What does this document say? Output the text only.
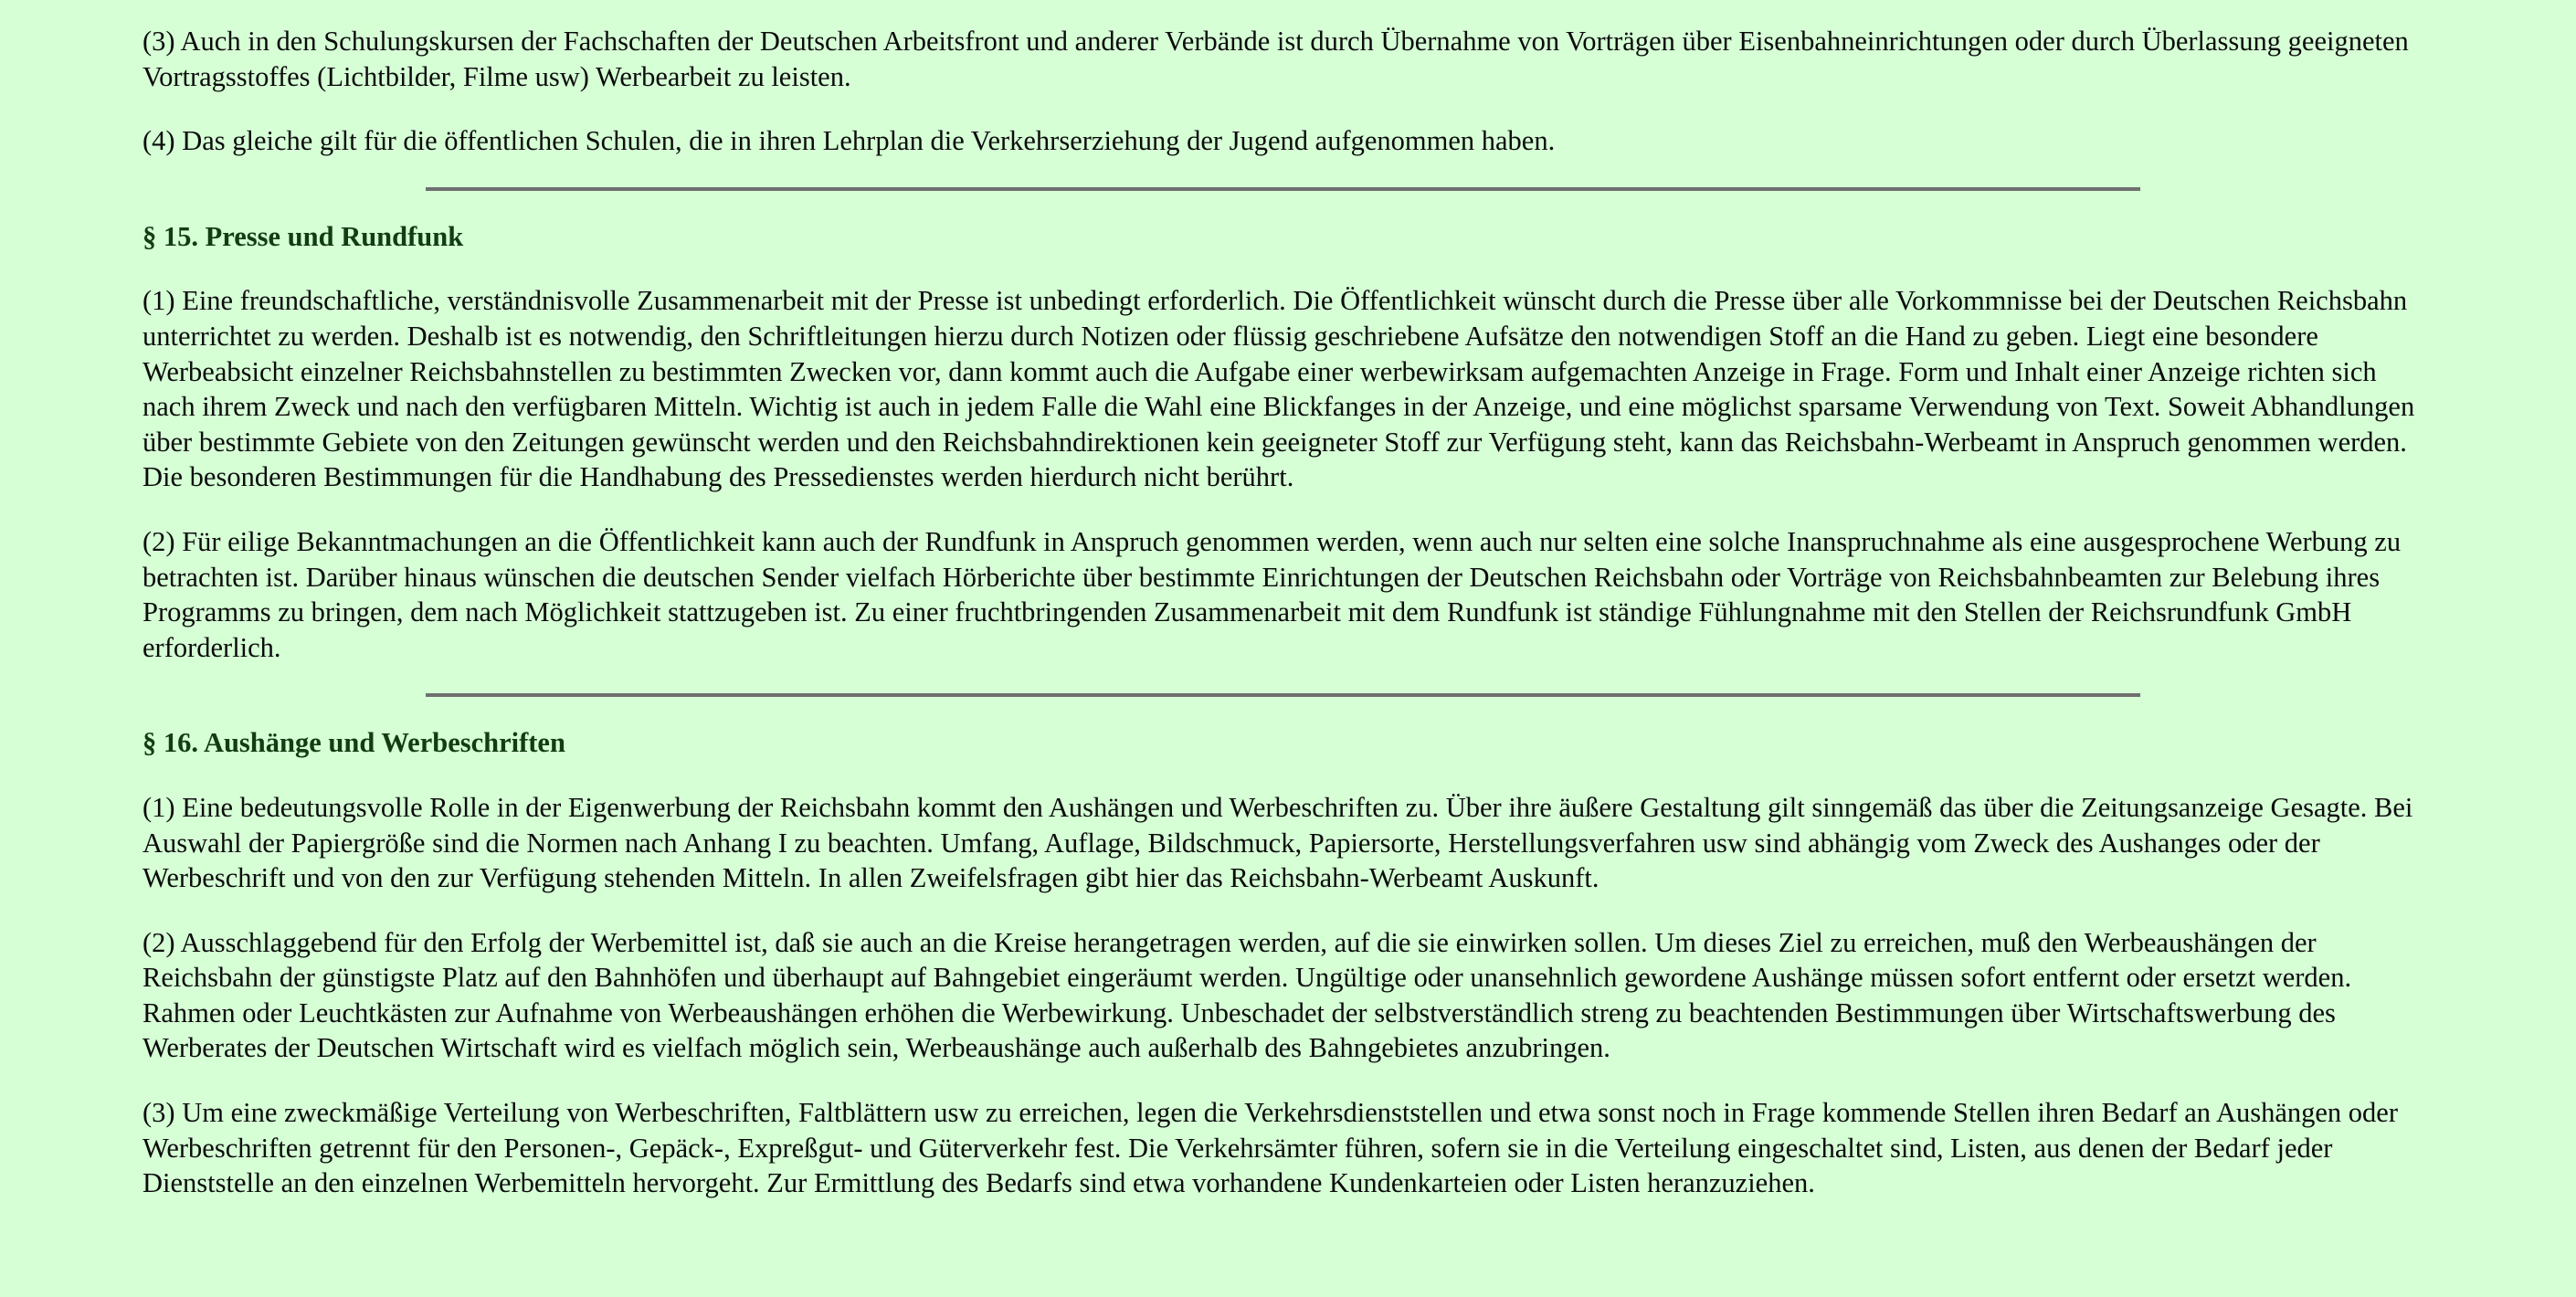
(3) Auch in den Schulungskursen der Fachschaften der Deutschen Arbeitsfront und anderer Verbände ist durch Übernahme von Vorträgen über Eisenbahneinrichtungen oder durch Überlassung geeigneten Vortragsstoffes (Lichtbilder, Filme usw) Werbearbeit zu leisten.

(4) Das gleiche gilt für die öffentlichen Schulen, die in ihren Lehrplan die Verkehrserziehung der Jugend aufgenommen haben.

§ 15. Presse und Rundfunk

(1) Eine freundschaftliche, verständnisvolle Zusammenarbeit mit der Presse ist unbedingt erforderlich. Die Öffentlichkeit wünscht durch die Presse über alle Vorkommnisse bei der Deutschen Reichsbahn unterrichtet zu werden. Deshalb ist es notwendig, den Schriftleitungen hierzu durch Notizen oder flüssig geschriebene Aufsätze den notwendigen Stoff an die Hand zu geben. Liegt eine besondere Werbeabsicht einzelner Reichsbahnstellen zu bestimmten Zwecken vor, dann kommt auch die Aufgabe einer werbewirksam aufgemachten Anzeige in Frage. Form und Inhalt einer Anzeige richten sich nach ihrem Zweck und nach den verfügbaren Mitteln. Wichtig ist auch in jedem Falle die Wahl eine Blickfanges in der Anzeige, und eine möglichst sparsame Verwendung von Text. Soweit Abhandlungen über bestimmte Gebiete von den Zeitungen gewünscht werden und den Reichsbahndirektionen kein geeigneter Stoff zur Verfügung steht, kann das Reichsbahn-Werbeamt in Anspruch genommen werden.

Die besonderen Bestimmungen für die Handhabung des Pressedienstes werden hierdurch nicht berührt.

(2) Für eilige Bekanntmachungen an die Öffentlichkeit kann auch der Rundfunk in Anspruch genommen werden, wenn auch nur selten eine solche Inanspruchnahme als eine ausgesprochene Werbung zu betrachten ist. Darüber hinaus wünschen die deutschen Sender vielfach Hörberichte über bestimmte Einrichtungen der Deutschen Reichsbahn oder Vorträge von Reichsbahnbeamten zur Belebung ihres Programms zu bringen, dem nach Möglichkeit stattzugeben ist. Zu einer fruchtbringenden Zusammenarbeit mit dem Rundfunk ist ständige Fühlungnahme mit den Stellen der Reichsrundfunk GmbH erforderlich.

§ 16. Aushänge und Werbeschriften

(1) Eine bedeutungsvolle Rolle in der Eigenwerbung der Reichsbahn kommt den Aushängen und Werbeschriften zu. Über ihre äußere Gestaltung gilt sinngemäß das über die Zeitungsanzeige Gesagte. Bei Auswahl der Papiergröße sind die Normen nach Anhang I zu beachten. Umfang, Auflage, Bildschmuck, Papiersorte, Herstellungsverfahren usw sind abhängig vom Zweck des Aushanges oder der Werbeschrift und von den zur Verfügung stehenden Mitteln. In allen Zweifelsfragen gibt hier das Reichsbahn-Werbeamt Auskunft.

(2) Ausschlaggebend für den Erfolg der Werbemittel ist, daß sie auch an die Kreise herangetragen werden, auf die sie einwirken sollen. Um dieses Ziel zu erreichen, muß den Werbeaushängen der Reichsbahn der günstigste Platz auf den Bahnhöfen und überhaupt auf Bahngebiet eingeräumt werden. Ungültige oder unansehnlich gewordene Aushänge müssen sofort entfernt oder ersetzt werden. Rahmen oder Leuchtkästen zur Aufnahme von Werbeaushängen erhöhen die Werbewirkung. Unbeschadet der selbstverständlich streng zu beachtenden Bestimmungen über Wirtschaftswerbung des Werberates der Deutschen Wirtschaft wird es vielfach möglich sein, Werbeaushänge auch außerhalb des Bahngebietes anzubringen.

(3) Um eine zweckmäßige Verteilung von Werbeschriften, Faltblättern usw zu erreichen, legen die Verkehrsdienststellen und etwa sonst noch in Frage kommende Stellen ihren Bedarf an Aushängen oder Werbeschriften getrennt für den Personen-, Gepäck-, Expreßgut- und Güterverkehr fest. Die Verkehrsämter führen, sofern sie in die Verteilung eingeschaltet sind, Listen, aus denen der Bedarf jeder Dienststelle an den einzelnen Werbemitteln hervorgeht. Zur Ermittlung des Bedarfs sind etwa vorhandene Kundenkarteien oder Listen heranzuziehen.
